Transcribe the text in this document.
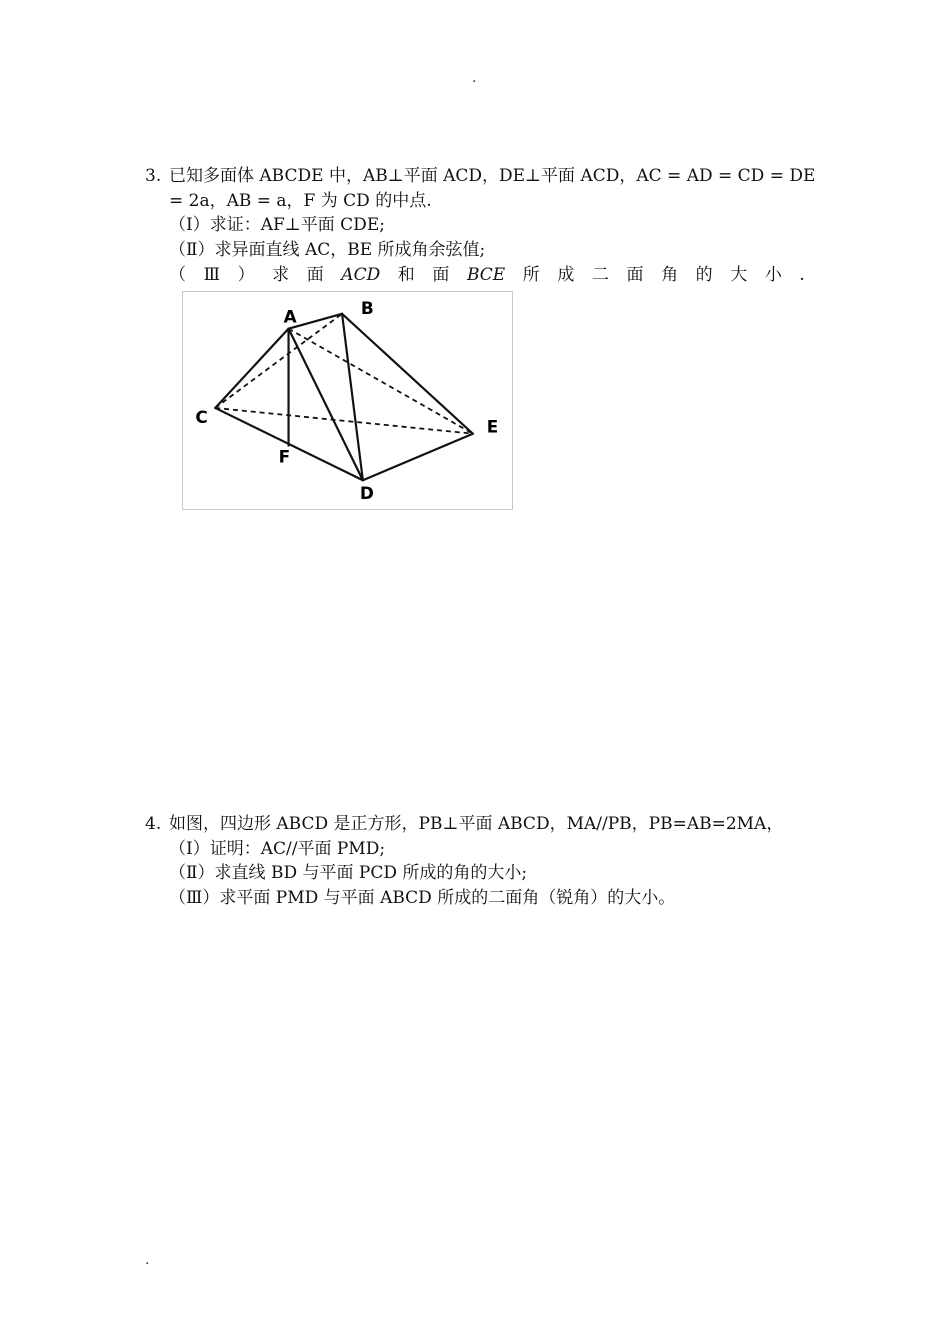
.
3. 已知多面体 ABCDE 中，AB⊥平面 ACD，DE⊥平面 ACD，AC = AD = CD = DE
= 2a，AB = a，F 为 CD 的中点.
（Ⅰ）求证：AF⊥平面 CDE;
（Ⅱ）求异面直线 AC，BE 所成角余弦值;
（ Ⅲ ） 求 面 ACD 和 面 BCE 所 成 二 面 角 的 大 小 .
A	B
C
D
E
F
4. 如图，四边形 ABCD 是正方形，PB⊥平面 ABCD，MA//PB，PB=AB=2MA，
（Ⅰ）证明：AC//平面 PMD;
（Ⅱ）求直线 BD 与平面 PCD 所成的角的大小;
（Ⅲ）求平面 PMD 与平面 ABCD 所成的二面角（锐角）的大小。
.
